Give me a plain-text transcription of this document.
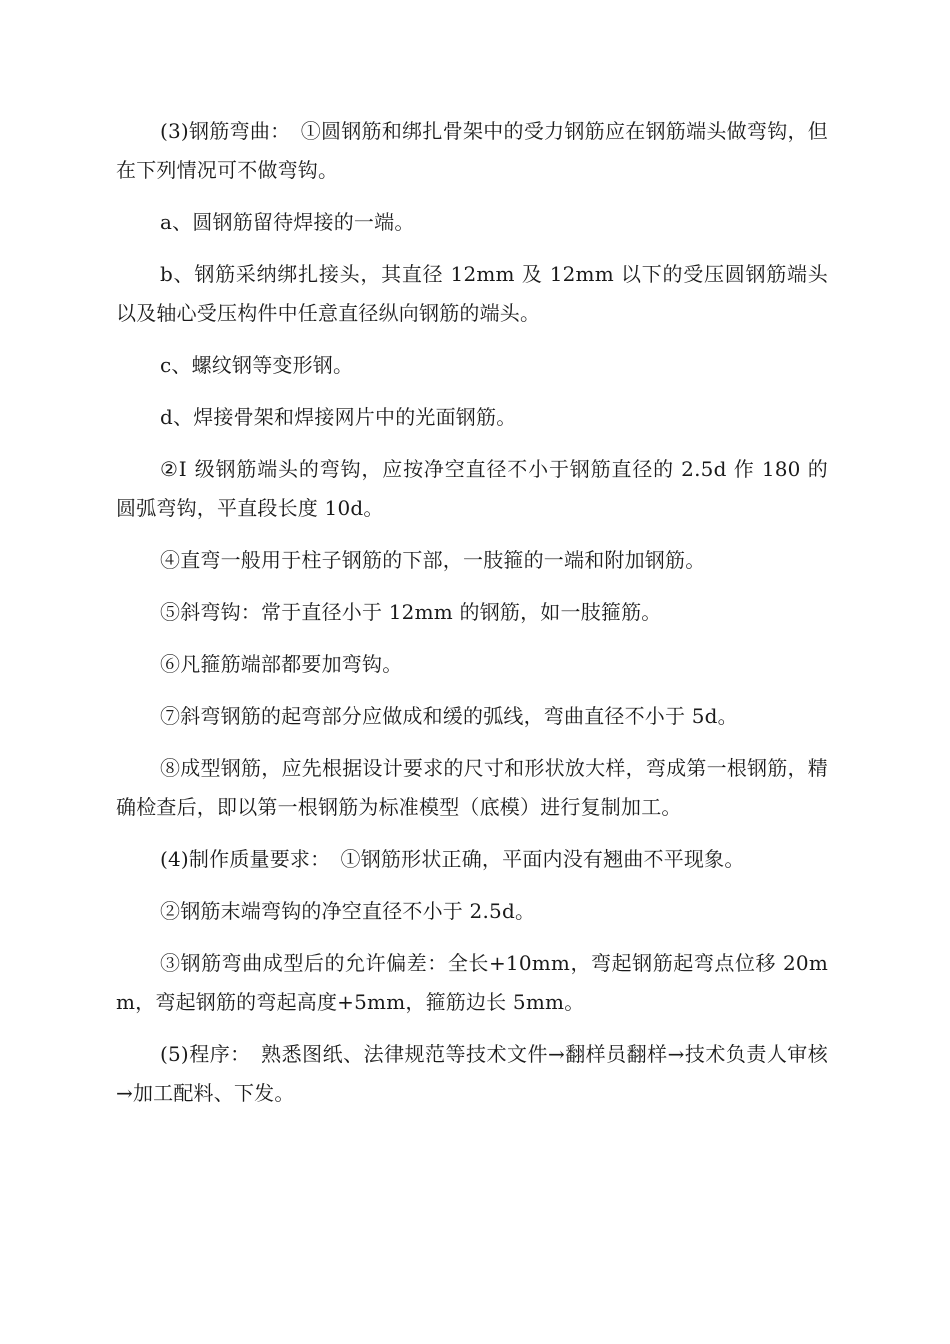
(3)钢筋弯曲：　①圆钢筋和绑扎骨架中的受力钢筋应在钢筋端头做弯钩，但在下列情况可不做弯钩。

a、圆钢筋留待焊接的一端。

b、钢筋采纳绑扎接头，其直径 12mm 及 12mm 以下的受压圆钢筋端头以及轴心受压构件中任意直径纵向钢筋的端头。

c、螺纹钢等变形钢。

d、焊接骨架和焊接网片中的光面钢筋。

②Ⅰ 级钢筋端头的弯钩，应按净空直径不小于钢筋直径的 2.5d 作 180 的圆弧弯钩，平直段长度 10d。

④直弯一般用于柱子钢筋的下部，一肢箍的一端和附加钢筋。

⑤斜弯钩：常于直径小于 12mm 的钢筋，如一肢箍筋。

⑥凡箍筋端部都要加弯钩。

⑦斜弯钢筋的起弯部分应做成和缓的弧线，弯曲直径不小于 5d。

⑧成型钢筋，应先根据设计要求的尺寸和形状放大样，弯成第一根钢筋，精确检查后，即以第一根钢筋为标准模型（底模）进行复制加工。

(4)制作质量要求：　①钢筋形状正确，平面内没有翘曲不平现象。

②钢筋末端弯钩的净空直径不小于 2.5d。

③钢筋弯曲成型后的允许偏差：全长+10mm，弯起钢筋起弯点位移 20mm，弯起钢筋的弯起高度+5mm，箍筋边长 5mm。

(5)程序：　熟悉图纸、法律规范等技术文件→翻样员翻样→技术负责人审核→加工配料、下发。
